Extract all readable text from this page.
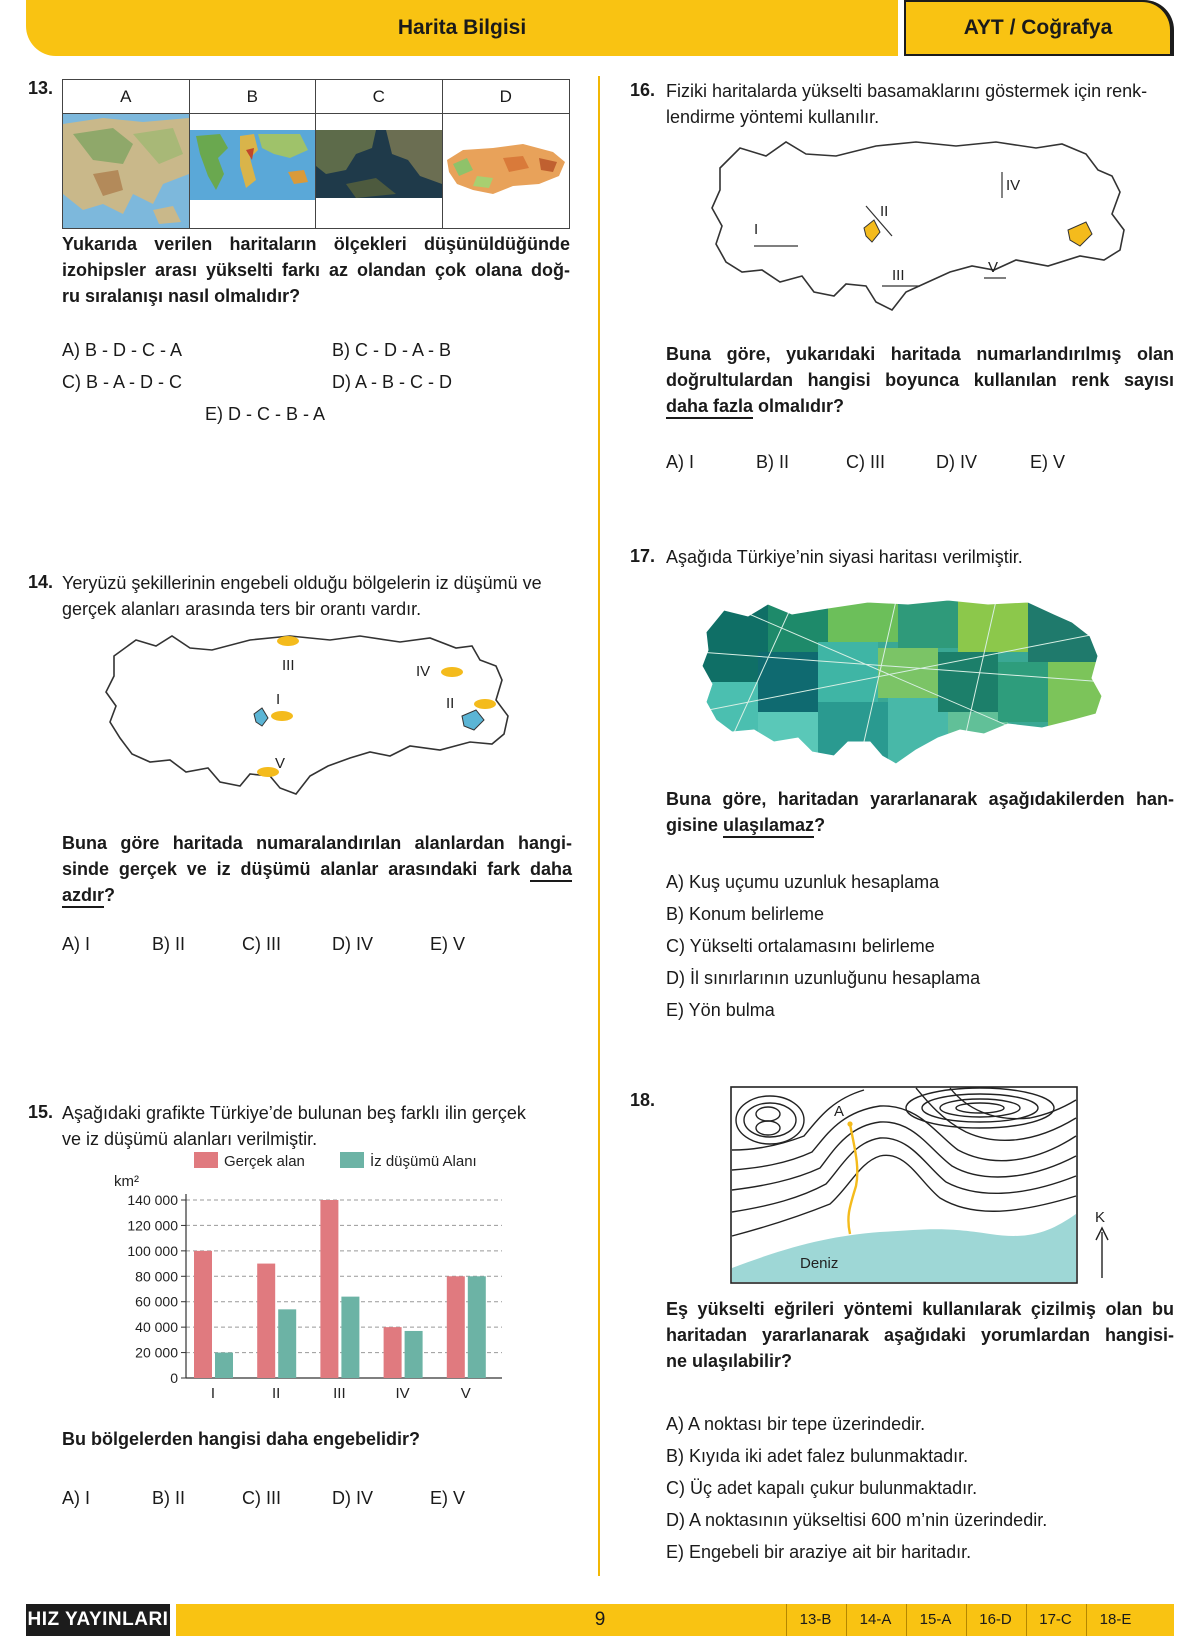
Harita Bilgisi	AYT / Coğrafya
13.	A	B	C	D
Yukarıda verilen haritaların ölçekleri düşünüldüğünde
izohipsler arası yükselti farkı az olandan çok olana doğ-
ru sıralanışı nasıl olmalıdır?
A) B - D - C - A	B) C - D - A - B
C) B - A - D - C	D) A - B - C - D
E) D - C - B - A
14. Yeryüzü şekillerinin engebeli olduğu bölgelerin iz düşümü ve
gerçek alanları arasında ters bir orantı vardır.
III	IV
II
I
V
Buna göre haritada numaralandırılan alanlardan hangi-
sinde gerçek ve iz düşümü alanlar arasındaki fark daha
azdır?
A) I	B) II	C) III	D) IV	E) V
15. Aşağıdaki grafikte Türkiye’de bulunan beş farklı ilin gerçek
ve iz düşümü alanları verilmiştir.
Gerçek alan	İz düşümü Alanı
km²
0
20 000
40 000
60 000
80 000
100 000
120 000
140 000
I	II	III	IV	V
Bu bölgelerden hangisi daha engebelidir?
A) I	B) II	C) III	D) IV	E) V
16. Fiziki haritalarda yükselti basamaklarını göstermek için renk-
lendirme yöntemi kullanılır.
I
II
III
IV
V
Buna göre, yukarıdaki haritada numarlandırılmış olan
doğrultulardan hangisi boyunca kullanılan renk sayısı
daha fazla olmalıdır?
A) I	B) II	C) III	D) IV	E) V
17. Aşağıda Türkiye’nin siyasi haritası verilmiştir.
Buna göre, haritadan yararlanarak aşağıdakilerden han-
gisine ulaşılamaz?
A) Kuş uçumu uzunluk hesaplama
B) Konum belirleme
C) Yükselti ortalamasını belirleme
D) İl sınırlarının uzunluğunu hesaplama
E) Yön bulma
18.
A
Deniz
K
Eş yükselti eğrileri yöntemi kullanılarak çizilmiş olan bu
haritadan yararlanarak aşağıdaki yorumlardan hangisi-
ne ulaşılabilir?
A) A noktası bir tepe üzerindedir.
B) Kıyıda iki adet falez bulunmaktadır.
C) Üç adet kapalı çukur bulunmaktadır.
D) A noktasının yükseltisi 600 m’nin üzerindedir.
E) Engebeli bir araziye ait bir haritadır.
HIZ YAYINLARI	9	13-B	14-A	15-A	16-D	17-C	18-E
